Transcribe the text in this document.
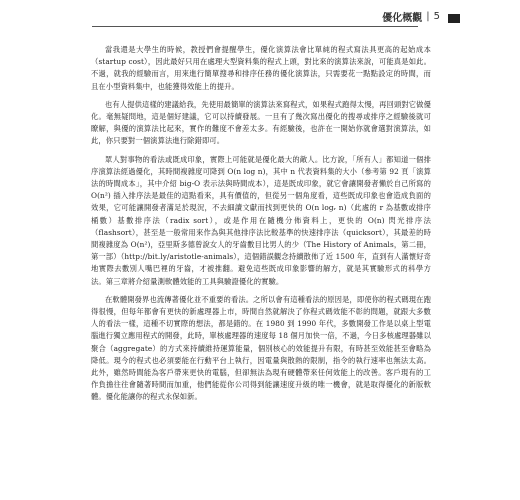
優化概觀 | 5

當我還是大學生的時候，教授們會提醒學生，優化演算法會比單純的程式寫法具更高的起始成本（startup cost），因此最好只用在處理大型資料集的程式上頭，對比來的演算法來說，可能真是如此。不過，就我的經驗而言，用來進行簡單搜尋和排序任務的優化演算法，只需要花一點點設定的時間，而且在小型資料集中，也能獲得效能上的提升。

也有人提供這樣的建議給我，先使用最簡單的演算法來寫程式，如果程式跑得太慢，再回頭對它做優化。毫無疑問地，這是個好建議，它可以持續發展。一旦有了幾次寫出優化的搜尋或排序之經驗後就可瞭解，與優的演算法比起來，實作的難度不會差太多。有經驗後，也許在一開始你就會選對演算法，如此，你只要對一個演算法進行除錯即可。

眾人對事物的看法或既成印象，實際上可能就是優化最大的敵人。比方說，「所有人」都知道一個排序演算法經過優化，其時間複雜度可降到 O(n log n)，其中 n 代表資料集的大小（參考第 92 頁「演算法的時間成本」，其中介紹 big-O 表示法與時間成本），這是既成印象，就它會讓開發者懶於自己所寫的 O(n²) 插入排序法是最佳的這點看來，具有價值的，但從另一個角度看，這些既成印象也會造成負面的效果，它可能讓開發者滿足於現況，不去細讀文獻而找到更快的 O(n logᵣ n)（此處的 r 為基數或排序桶數）基數排序法（radix sort），或是作用在隨機分佈資料上，更快的 O(n) 閃光排序法（flashsort），甚至是一般常用來作為與其他排序法比較基準的快速排序法（quicksort），其最差的時間複雜度為 O(n²)，亞里斯多德曾說女人的牙齒數目比男人的少（The History of Animals，第二冊，第一部）（http://bit.ly/aristotle-animals），這個錯誤觀念持續散佈了近 1500 年，直到有人滿懷好奇地實際去數別人嘴巴裡的牙齒，才被推翻。避免這些既成印象影響的解方，就是其實驗形式的科學方法。第三章將介紹量測軟體效能的工具與驗證優化的實驗。

在軟體開發界也流傳著優化並不重要的看法。之所以會有這種看法的原因是，即使你的程式碼現在跑得很慢，但每年都會有更快的新處理器上市，時間自然就解決了你程式碼效能不彰的問題，就跟大多數人的看法一樣，這種不切實際的想法，都是錯的。在 1980 到 1990 年代，多數開發工作是以桌上型電腦進行獨立應用程式的開發，此時，單核處理器的速度每 18 個月加快一倍，不過，今日多核處理器雖以聚合（aggregate）的方式來持續維持運算能量，個別核心的效能提升有限，有時甚至效能甚至會略為降低。現今的程式也必須要能在行動平台上執行，因電量與散熱的限制，指令的執行速率也無法太高。此外，雖然時間能為客戶帶來更快的電腦，但卻無法為現有硬體帶來任何效能上的改善。客戶現有的工作負擔往往會隨著時間而加重，他們能從你公司得到能讓速度升級的唯一機會，就是取得優化的新版軟體。優化能讓你的程式永保如新。
